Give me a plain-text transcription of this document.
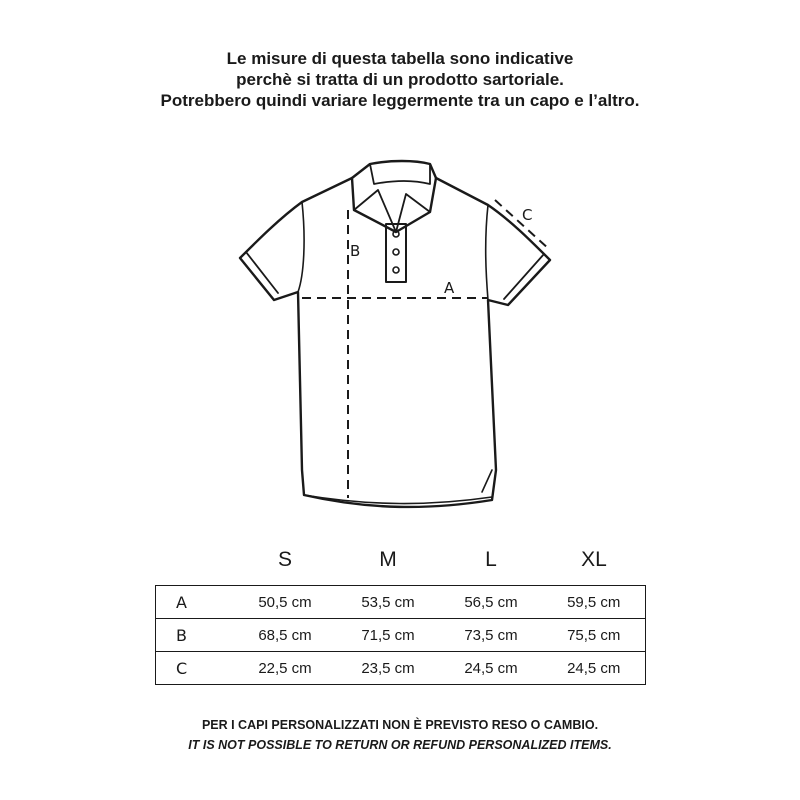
Le misure di questa tabella sono indicative
perchè si tratta di un prodotto sartoriale.
Potrebbero quindi variare leggermente tra un capo e l’altro.
B
A
C

	S	M	L	XL

A	50,5 cm	53,5 cm	56,5 cm	59,5 cm
B	68,5 cm	71,5 cm	73,5 cm	75,5 cm
C	22,5 cm	23,5 cm	24,5 cm	24,5 cm
PER I CAPI PERSONALIZZATI NON È PREVISTO RESO O CAMBIO.
IT IS NOT POSSIBLE TO RETURN OR REFUND PERSONALIZED ITEMS.
